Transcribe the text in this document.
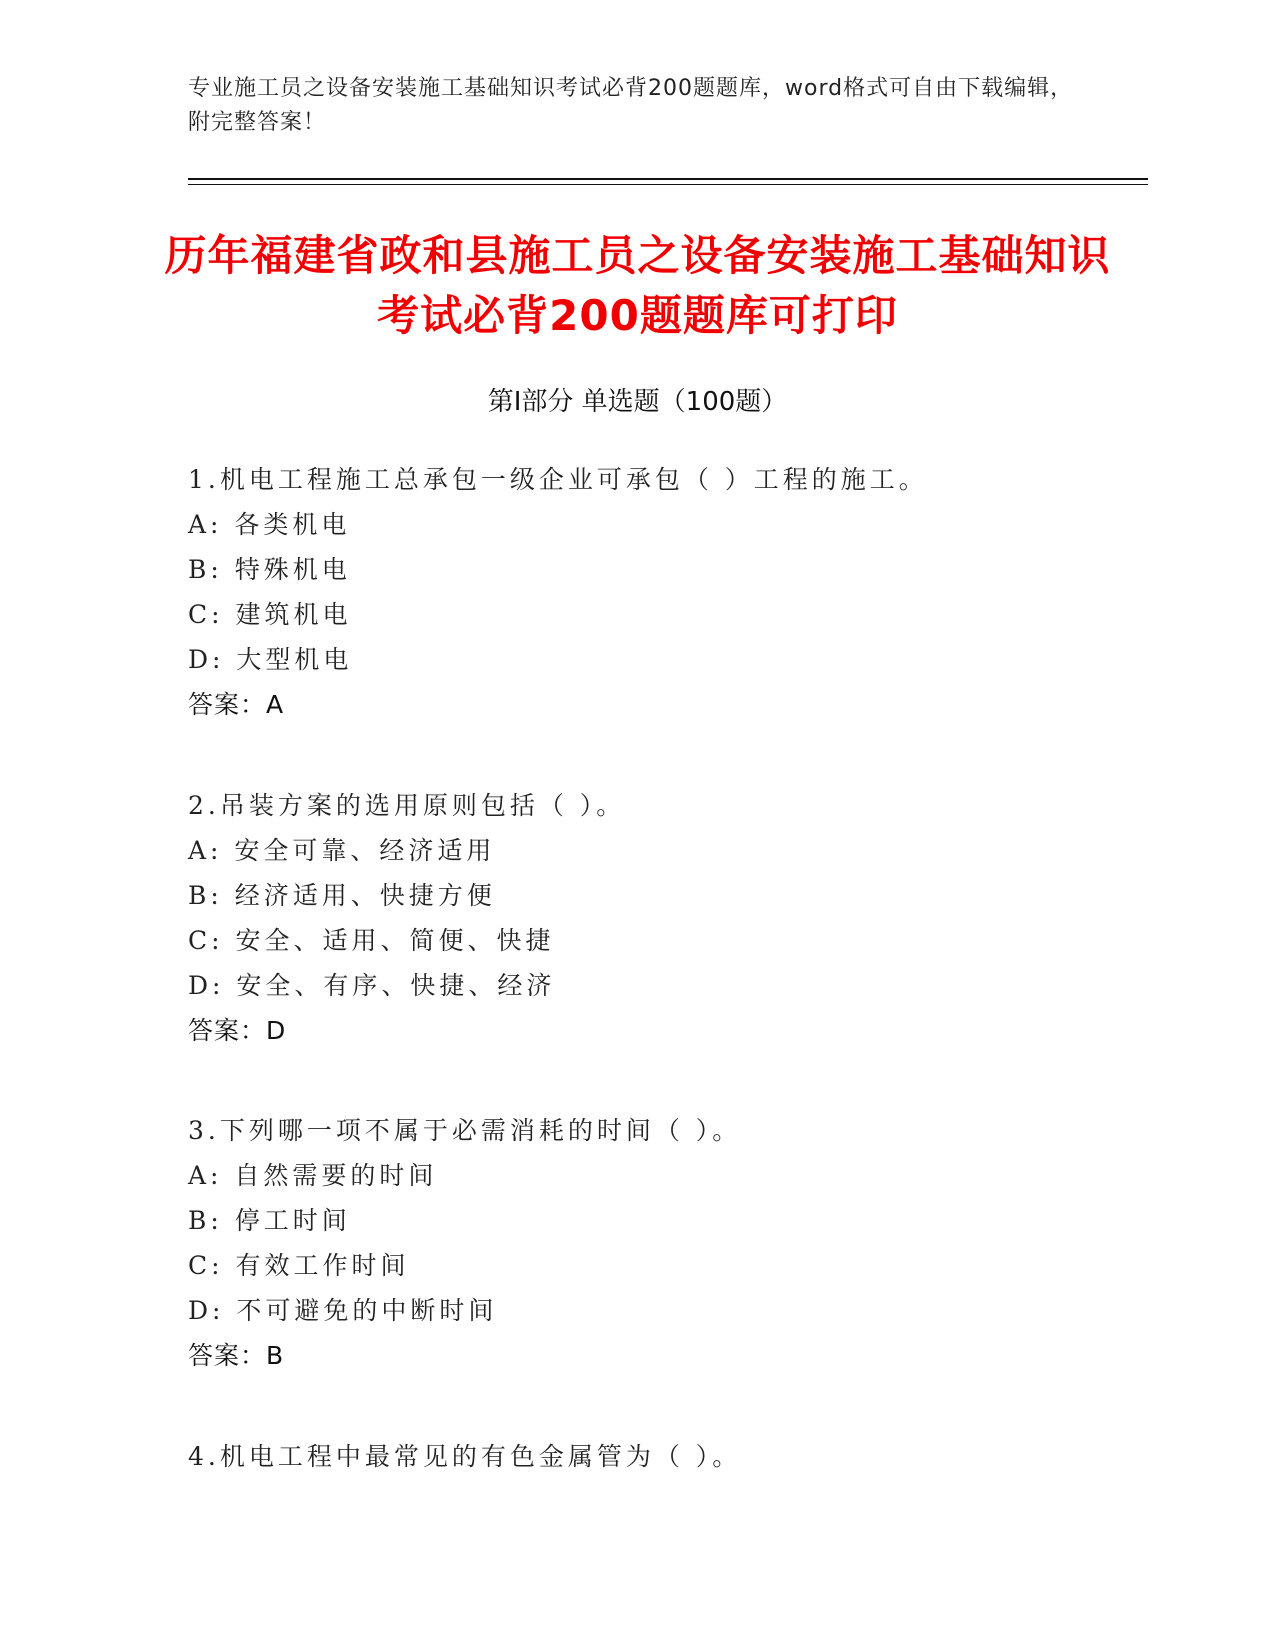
专业施工员之设备安装施工基础知识考试必背200题题库，word格式可自由下载编辑，附完整答案！
历年福建省政和县施工员之设备安装施工基础知识考试必背200题题库可打印
第I部分 单选题（100题）
1.机电工程施工总承包一级企业可承包（ ）工程的施工。
A: 各类机电
B: 特殊机电
C: 建筑机电
D: 大型机电
答案：A
2.吊装方案的选用原则包括（ ）。
A: 安全可靠、经济适用
B: 经济适用、快捷方便
C: 安全、适用、简便、快捷
D: 安全、有序、快捷、经济
答案：D
3.下列哪一项不属于必需消耗的时间（ ）。
A: 自然需要的时间
B: 停工时间
C: 有效工作时间
D: 不可避免的中断时间
答案：B
4.机电工程中最常见的有色金属管为（ ）。
